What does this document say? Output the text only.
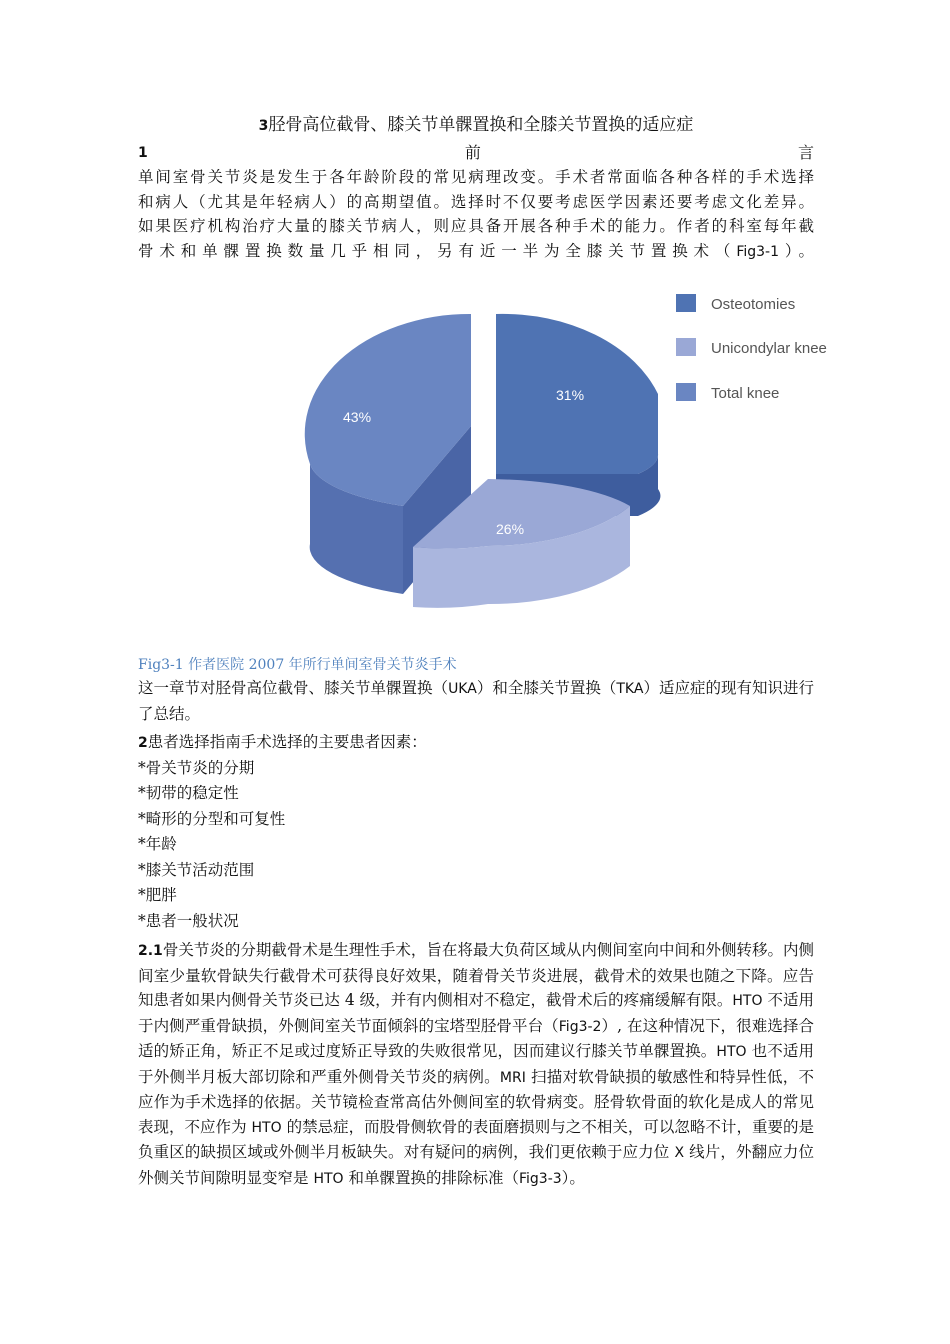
3胫骨高位截骨、膝关节单髁置换和全膝关节置换的适应症
1	前	言

单间室骨关节炎是发生于各年龄阶段的常见病理改变。手术者常面临各种各样的手术选择

和病人（尤其是年轻病人）的高期望值。选择时不仅要考虑医学因素还要考虑文化差异。

如果医疗机构治疗大量的膝关节病人，则应具备开展各种手术的能力。作者的科室每年截

骨术和单髁置换数量几乎相同，另有近一半为全膝关节置换术（Fig3-1）。

43%
31%
26%
Osteotomies
Unicondylar knee
Total knee
Fig3-1 作者医院 2007 年所行单间室骨关节炎手术

这一章节对胫骨高位截骨、膝关节单髁置换（UKA）和全膝关节置换（TKA）适应症的现有知识进行了总结。

2患者选择指南手术选择的主要患者因素：

*骨关节炎的分期
*韧带的稳定性
*畸形的分型和可复性
*年龄
*膝关节活动范围
*肥胖
*患者一般状况

2.1骨关节炎的分期截骨术是生理性手术，旨在将最大负荷区域从内侧间室向中间和外侧转移。内侧间室少量软骨缺失行截骨术可获得良好效果，随着骨关节炎进展，截骨术的效果也随之下降。应告知患者如果内侧骨关节炎已达 4 级，并有内侧相对不稳定，截骨术后的疼痛缓解有限。HTO 不适用于内侧严重骨缺损，外侧间室关节面倾斜的宝塔型胫骨平台（Fig3-2）, 在这种情况下，很难选择合适的矫正角，矫正不足或过度矫正导致的失败很常见，因而建议行膝关节单髁置换。HTO 也不适用于外侧半月板大部切除和严重外侧骨关节炎的病例。MRI 扫描对软骨缺损的敏感性和特异性低，不应作为手术选择的依据。关节镜检查常高估外侧间室的软骨病变。胫骨软骨面的软化是成人的常见表现，不应作为 HTO 的禁忌症，而股骨侧软骨的表面磨损则与之不相关，可以忽略不计，重要的是负重区的缺损区域或外侧半月板缺失。对有疑问的病例，我们更依赖于应力位 X 线片，外翻应力位外侧关节间隙明显变窄是 HTO 和单髁置换的排除标准（Fig3-3）。
